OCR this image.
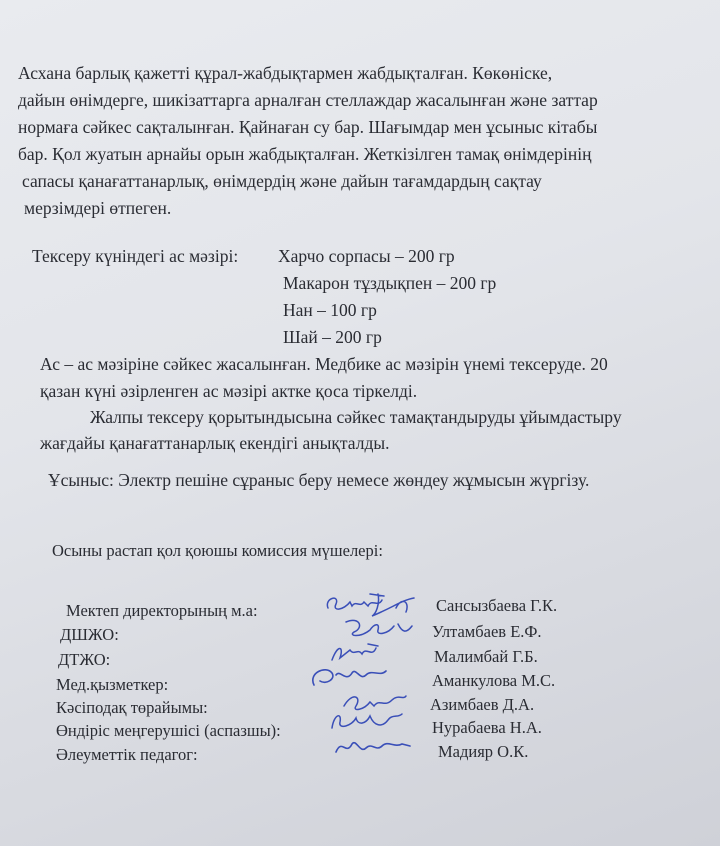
Асхана барлық қажетті құрал-жабдықтармен жабдықталған. Көкөніске,
дайын өнімдерге, шикізаттарга арналған стеллаждар жасалынған және заттар
нормаға сәйкес сақталынған. Қайнаған су бар. Шағымдар мен ұсыныс кітабы
бар. Қол жуатын арнайы орын жабдықталған. Жеткізілген тамақ өнімдерінің
сапасы қанағаттанарлық, өнімдердің және дайын тағамдардың сақтау
мерзімдері өтпеген.
Тексеру күніндегі ас мәзірі: Харчо сорпасы – 200 гр
Макарон тұздықпен – 200 гр
Нан – 100 гр
Шай – 200 гр
Ас – ас мәзіріне сәйкес жасалынған. Медбике ас мәзірін үнемі тексеруде. 20
қазан күні әзірленген ас мәзірі актке қоса тіркелді.
Жалпы тексеру қорытындысына сәйкес тамақтандыруды ұйымдастыру
жағдайы қанағаттанарлық екендігі анықталды.
Ұсыныс: Электр пешіне сұраныс беру немесе жөндеу жұмысын жүргізу.
Осыны растап қол қоюшы комиссия мүшелері:
Мектеп директорының м.а:
ДШЖО:
ДТЖО:
Мед.қызметкер:
Кәсіподақ төрайымы:
Өндіріс меңгерушісі (аспазшы):
Әлеуметтік педагог:
Сансызбаева Г.К.
Ултамбаев Е.Ф.
Малимбай Г.Б.
Аманкулова М.С.
Азимбаев Д.А.
Нурабаева Н.А.
Мадияр О.К.
